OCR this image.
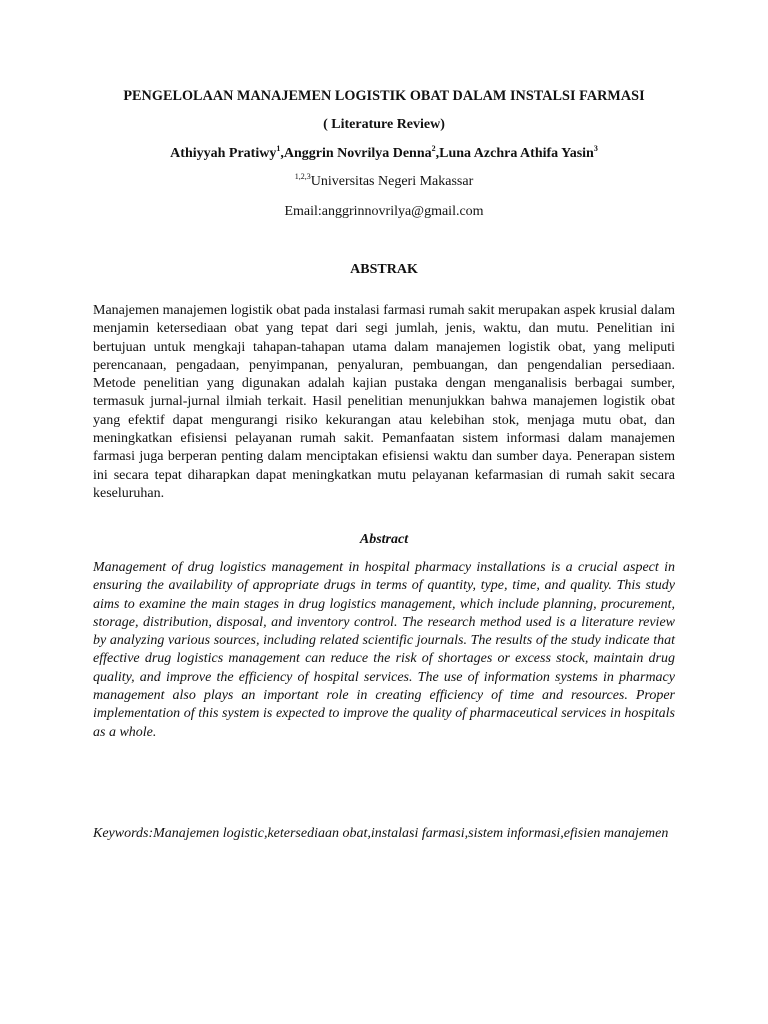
PENGELOLAAN MANAJEMEN LOGISTIK OBAT DALAM INSTALSI FARMASI

( Literature Review)

Athiyyah Pratiwy$^1$,Anggrin Novrilya Denna$^2$,Luna Azchra Athifa Yasin$^3$

$^{1,2,3}$Universitas Negeri Makassar

Email:anggrinnovrilya@gmail.com

ABSTRAK

Manajemen manajemen logistik obat pada instalasi farmasi rumah sakit merupakan aspek krusial dalam menjamin ketersediaan obat yang tepat dari segi jumlah, jenis, waktu, dan mutu. Penelitian ini bertujuan untuk mengkaji tahapan-tahapan utama dalam manajemen logistik obat, yang meliputi perencanaan, pengadaan, penyimpanan, penyaluran, pembuangan, dan pengendalian persediaan. Metode penelitian yang digunakan adalah kajian pustaka dengan menganalisis berbagai sumber, termasuk jurnal-jurnal ilmiah terkait. Hasil penelitian menunjukkan bahwa manajemen logistik obat yang efektif dapat mengurangi risiko kekurangan atau kelebihan stok, menjaga mutu obat, dan meningkatkan efisiensi pelayanan rumah sakit. Pemanfaatan sistem informasi dalam manajemen farmasi juga berperan penting dalam menciptakan efisiensi waktu dan sumber daya. Penerapan sistem ini secara tepat diharapkan dapat meningkatkan mutu pelayanan kefarmasian di rumah sakit secara keseluruhan.

Abstract

Management of drug logistics management in hospital pharmacy installations is a crucial aspect in ensuring the availability of appropriate drugs in terms of quantity, type, time, and quality. This study aims to examine the main stages in drug logistics management, which include planning, procurement, storage, distribution, disposal, and inventory control. The research method used is a literature review by analyzing various sources, including related scientific journals. The results of the study indicate that effective drug logistics management can reduce the risk of shortages or excess stock, maintain drug quality, and improve the efficiency of hospital services. The use of information systems in pharmacy management also plays an important role in creating efficiency of time and resources. Proper implementation of this system is expected to improve the quality of pharmaceutical services in hospitals as a whole.

Keywords:Manajemen logistic,ketersediaan obat,instalasi farmasi,sistem informasi,efisien manajemen
